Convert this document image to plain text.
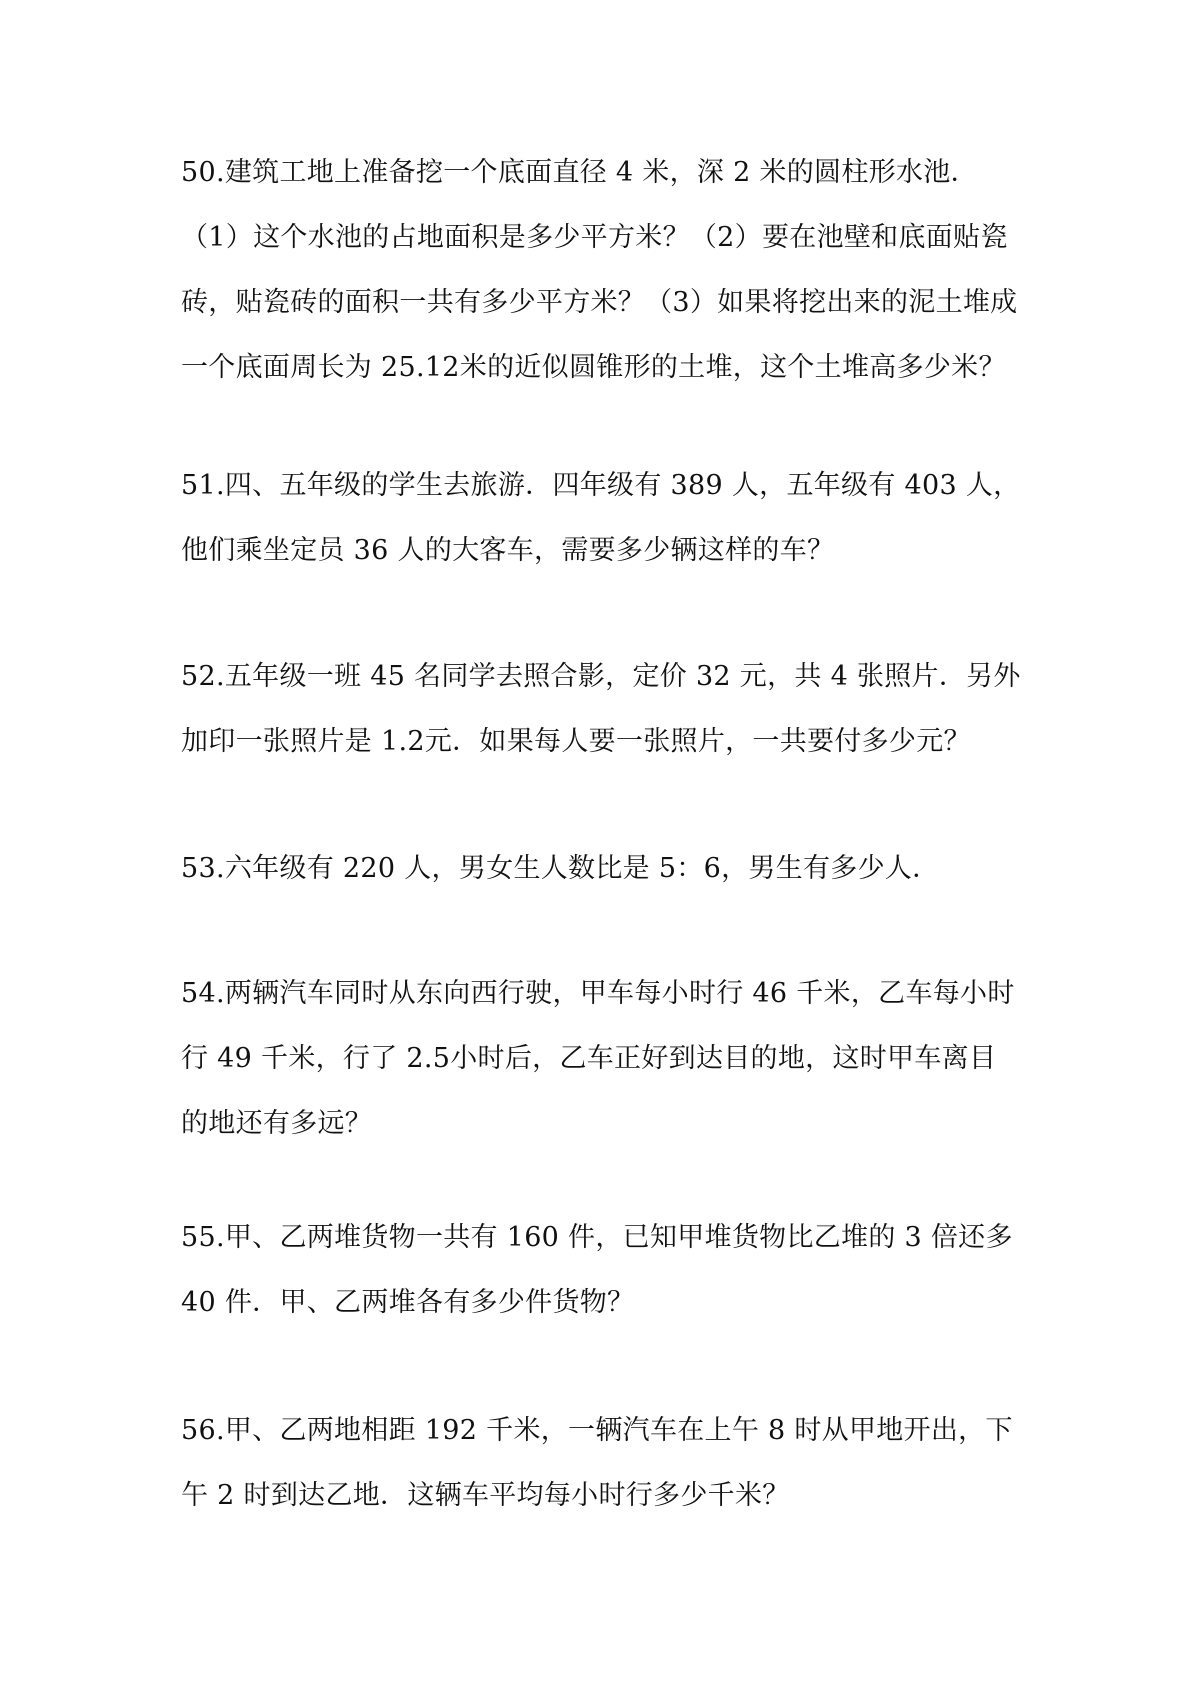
50.建筑工地上准备挖一个底面直径 4 米，深 2 米的圆柱形水池．（1）这个水池的占地面积是多少平方米？（2）要在池壁和底面贴瓷砖，贴瓷砖的面积一共有多少平方米？（3）如果将挖出来的泥土堆成一个底面周长为 25.12米的近似圆锥形的土堆，这个土堆高多少米？

51.四、五年级的学生去旅游．四年级有 389 人，五年级有 403 人，他们乘坐定员 36 人的大客车，需要多少辆这样的车？

52.五年级一班 45 名同学去照合影，定价 32 元，共 4 张照片．另外加印一张照片是 1.2元．如果每人要一张照片，一共要付多少元？

53.六年级有 220 人，男女生人数比是 5：6，男生有多少人．

54.两辆汽车同时从东向西行驶，甲车每小时行 46 千米，乙车每小时行 49 千米，行了 2.5小时后，乙车正好到达目的地，这时甲车离目的地还有多远？

55.甲、乙两堆货物一共有 160 件，已知甲堆货物比乙堆的 3 倍还多 40 件．甲、乙两堆各有多少件货物？

56.甲、乙两地相距 192 千米，一辆汽车在上午 8 时从甲地开出，下午 2 时到达乙地．这辆车平均每小时行多少千米？
